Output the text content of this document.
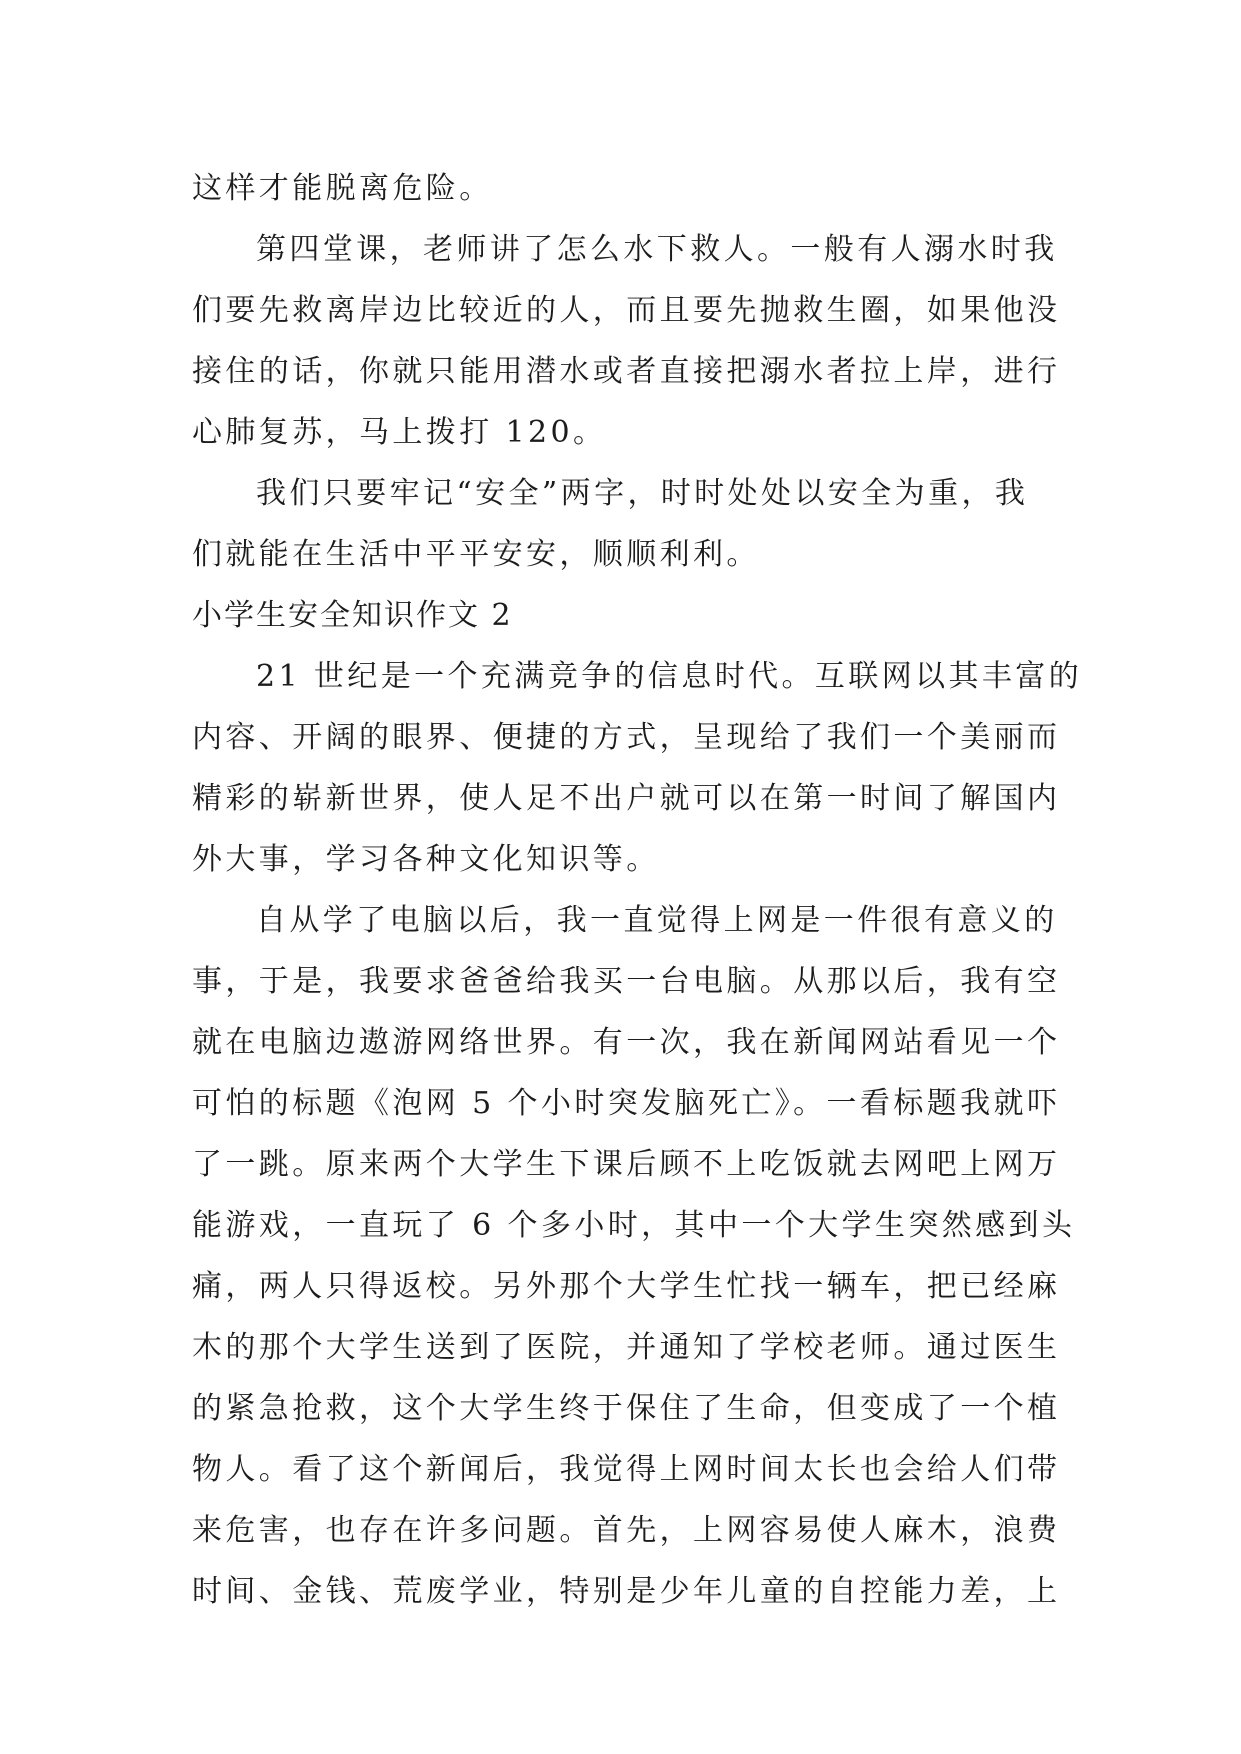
这样才能脱离危险。
第四堂课，老师讲了怎么水下救人。一般有人溺水时我
们要先救离岸边比较近的人，而且要先抛救生圈，如果他没
接住的话，你就只能用潜水或者直接把溺水者拉上岸，进行
心肺复苏，马上拨打 120。
我们只要牢记“安全”两字，时时处处以安全为重，我
们就能在生活中平平安安，顺顺利利。
小学生安全知识作文 2
21 世纪是一个充满竞争的信息时代。互联网以其丰富的
内容、开阔的眼界、便捷的方式，呈现给了我们一个美丽而
精彩的崭新世界，使人足不出户就可以在第一时间了解国内
外大事，学习各种文化知识等。
自从学了电脑以后，我一直觉得上网是一件很有意义的
事，于是，我要求爸爸给我买一台电脑。从那以后，我有空
就在电脑边遨游网络世界。有一次，我在新闻网站看见一个
可怕的标题《泡网 5 个小时突发脑死亡》。一看标题我就吓
了一跳。原来两个大学生下课后顾不上吃饭就去网吧上网万
能游戏，一直玩了 6 个多小时，其中一个大学生突然感到头
痛，两人只得返校。另外那个大学生忙找一辆车，把已经麻
木的那个大学生送到了医院，并通知了学校老师。通过医生
的紧急抢救，这个大学生终于保住了生命，但变成了一个植
物人。看了这个新闻后，我觉得上网时间太长也会给人们带
来危害，也存在许多问题。首先，上网容易使人麻木，浪费
时间、金钱、荒废学业，特别是少年儿童的自控能力差，上
